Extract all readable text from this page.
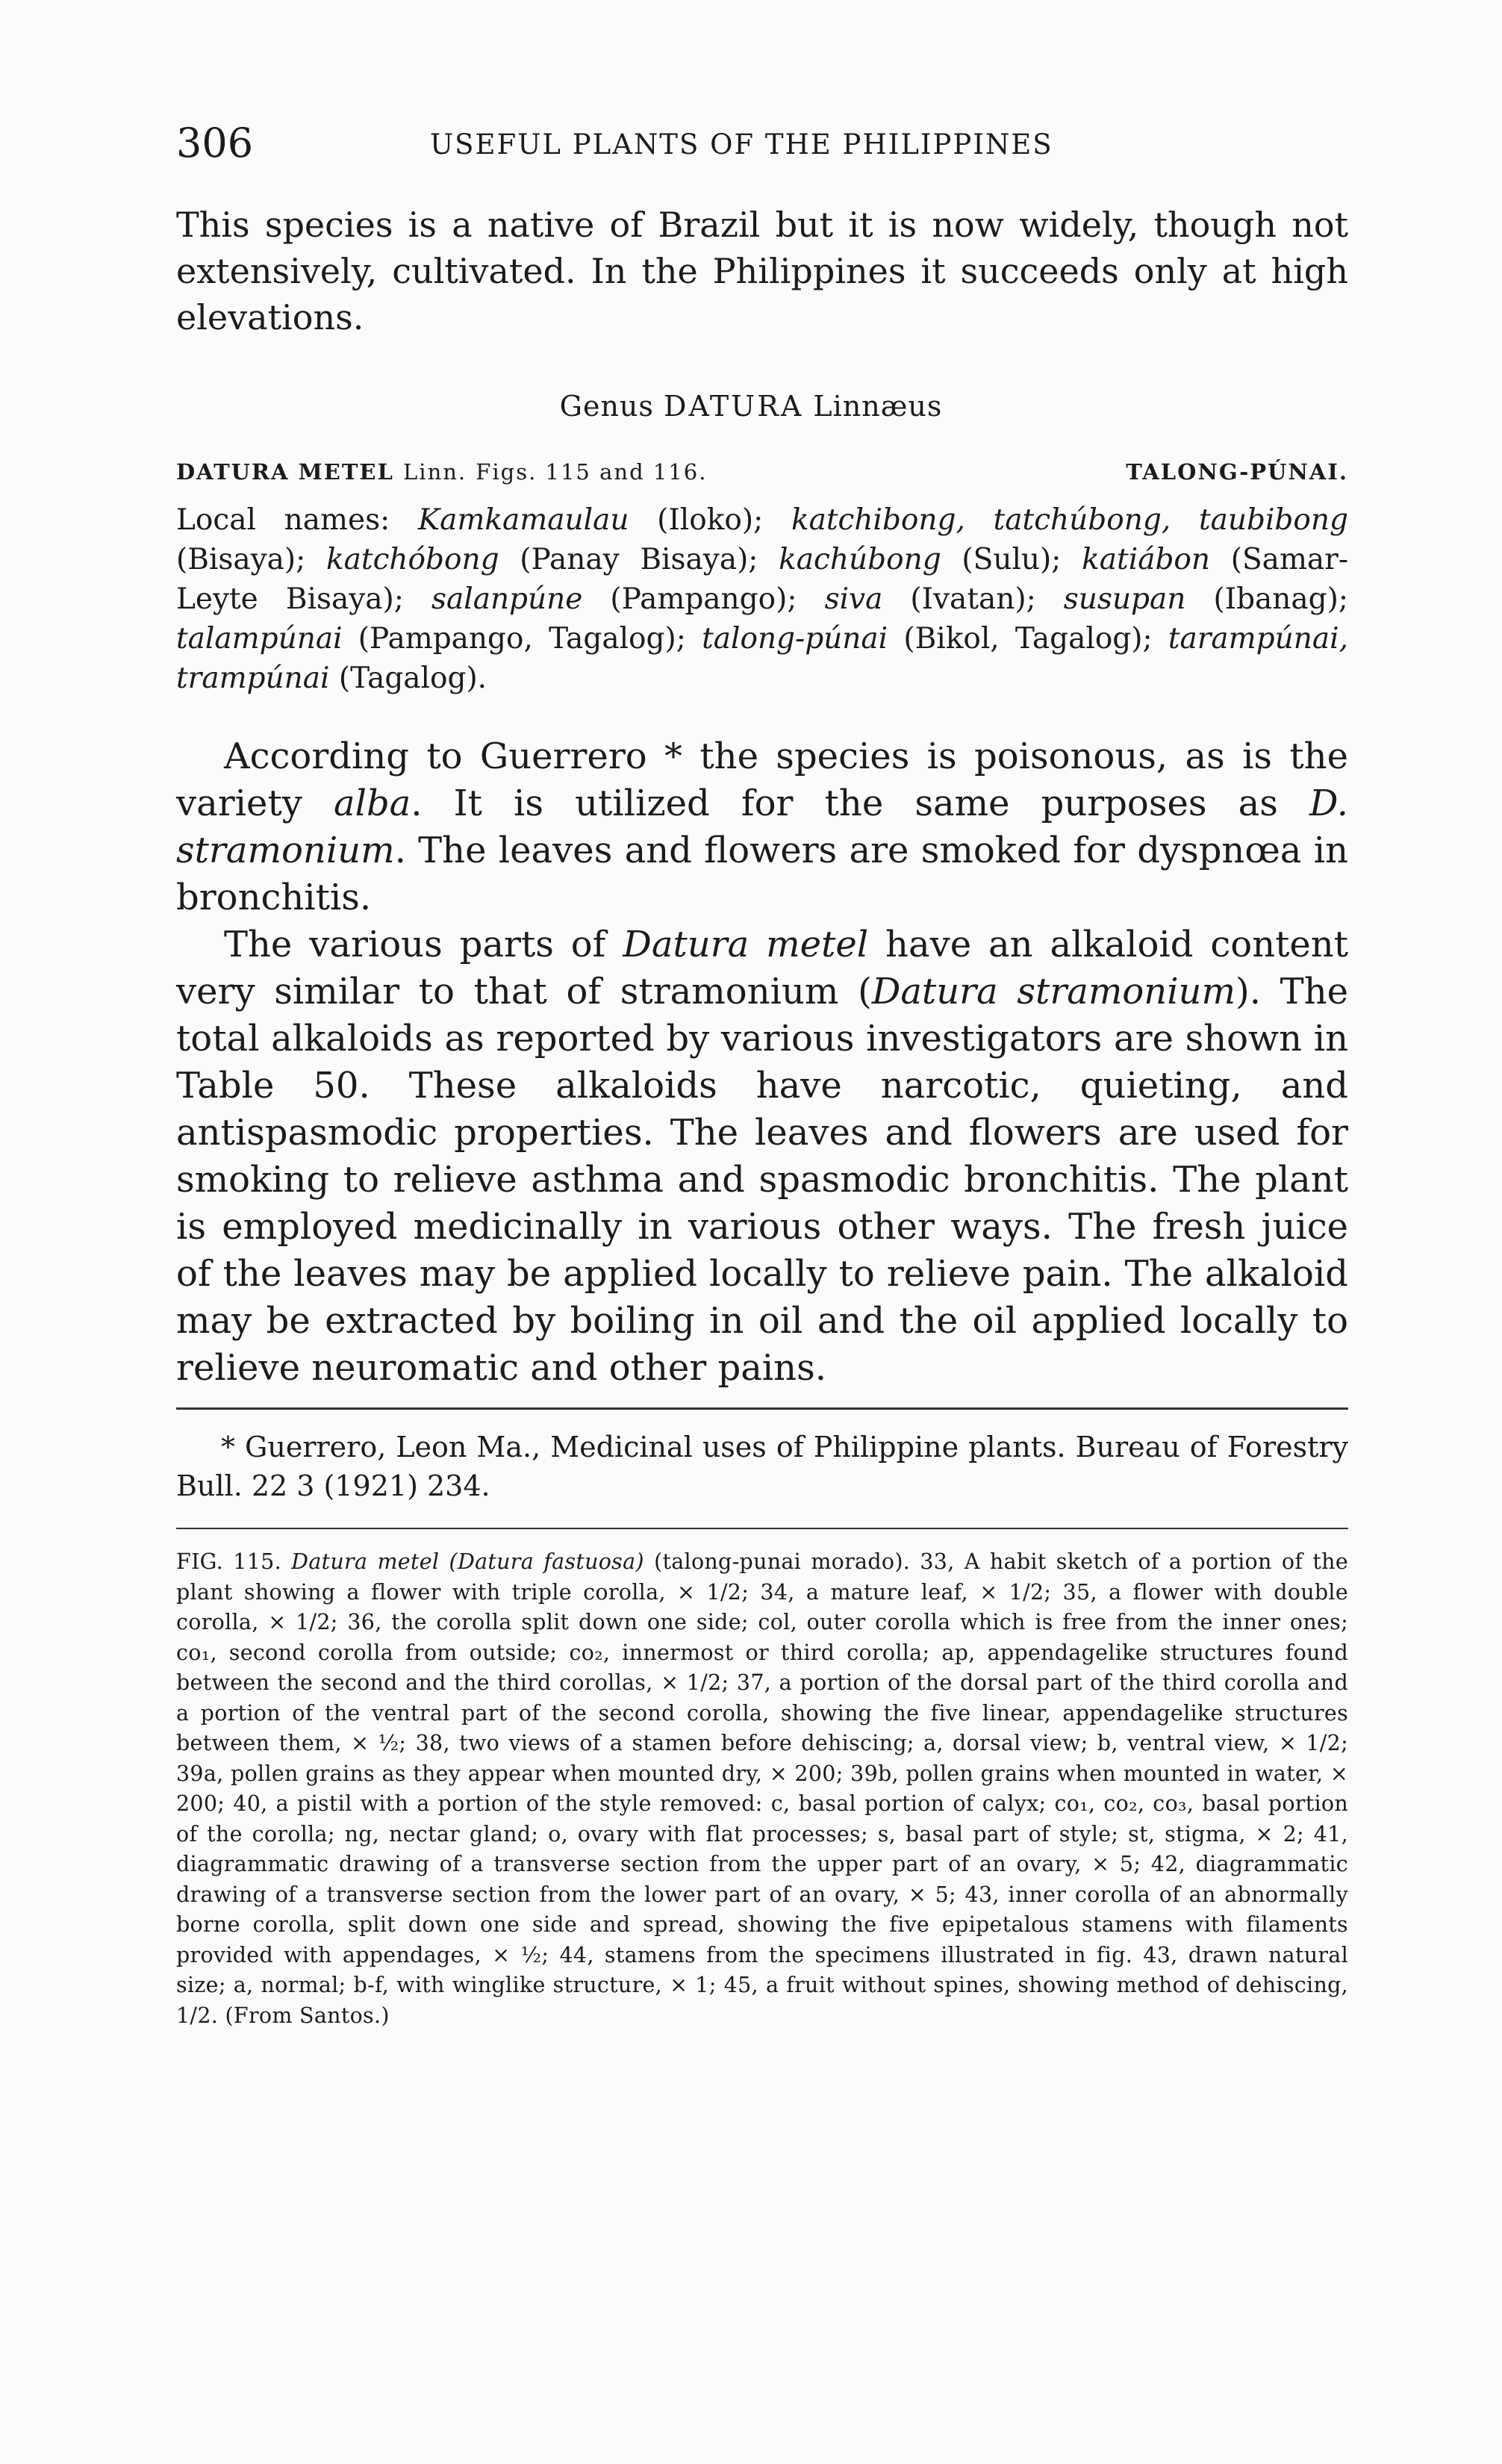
306	USEFUL PLANTS OF THE PHILIPPINES
This species is a native of Brazil but it is now widely, though not extensively, cultivated. In the Philippines it succeeds only at high elevations.
Genus DATURA Linnæus
DATURA METEL Linn. Figs. 115 and 116.	TALONG-PÚNAI.
Local names: Kamkamaulau (Iloko); katchibong, tatchúbong, taubibong (Bisaya); katchóbong (Panay Bisaya); kachúbong (Sulu); katiábon (Samar-Leyte Bisaya); salanpúne (Pampango); siva (Ivatan); susupan (Ibanag); talampúnai (Pampango, Tagalog); talong-púnai (Bikol, Tagalog); tarampúnai, trampúnai (Tagalog).

According to Guerrero * the species is poisonous, as is the variety alba. It is utilized for the same purposes as D. stramonium. The leaves and flowers are smoked for dyspnœa in bronchitis.

The various parts of Datura metel have an alkaloid content very similar to that of stramonium (Datura stramonium). The total alkaloids as reported by various investigators are shown in Table 50. These alkaloids have narcotic, quieting, and antispasmodic properties. The leaves and flowers are used for smoking to relieve asthma and spasmodic bronchitis. The plant is employed medicinally in various other ways. The fresh juice of the leaves may be applied locally to relieve pain. The alkaloid may be extracted by boiling in oil and the oil applied locally to relieve neuromatic and other pains.

* Guerrero, Leon Ma., Medicinal uses of Philippine plants. Bureau of Forestry Bull. 22 3 (1921) 234.
FIG. 115. Datura metel (Datura fastuosa) (talong-punai morado). 33, A habit sketch of a portion of the plant showing a flower with triple corolla, × 1/2; 34, a mature leaf, × 1/2; 35, a flower with double corolla, × 1/2; 36, the corolla split down one side; col, outer corolla which is free from the inner ones; co₁, second corolla from outside; co₂, innermost or third corolla; ap, appendagelike structures found between the second and the third corollas, × 1/2; 37, a portion of the dorsal part of the third corolla and a portion of the ventral part of the second corolla, showing the five linear, appendagelike structures between them, × ½; 38, two views of a stamen before dehiscing; a, dorsal view; b, ventral view, × 1/2; 39a, pollen grains as they appear when mounted dry, × 200; 39b, pollen grains when mounted in water, × 200; 40, a pistil with a portion of the style removed: c, basal portion of calyx; co₁, co₂, co₃, basal portion of the corolla; ng, nectar gland; o, ovary with flat processes; s, basal part of style; st, stigma, × 2; 41, diagrammatic drawing of a transverse section from the upper part of an ovary, × 5; 42, diagrammatic drawing of a transverse section from the lower part of an ovary, × 5; 43, inner corolla of an abnormally borne corolla, split down one side and spread, showing the five epipetalous stamens with filaments provided with appendages, × ½; 44, stamens from the specimens illustrated in fig. 43, drawn natural size; a, normal; b-f, with winglike structure, × 1; 45, a fruit without spines, showing method of dehiscing, 1/2. (From Santos.)
